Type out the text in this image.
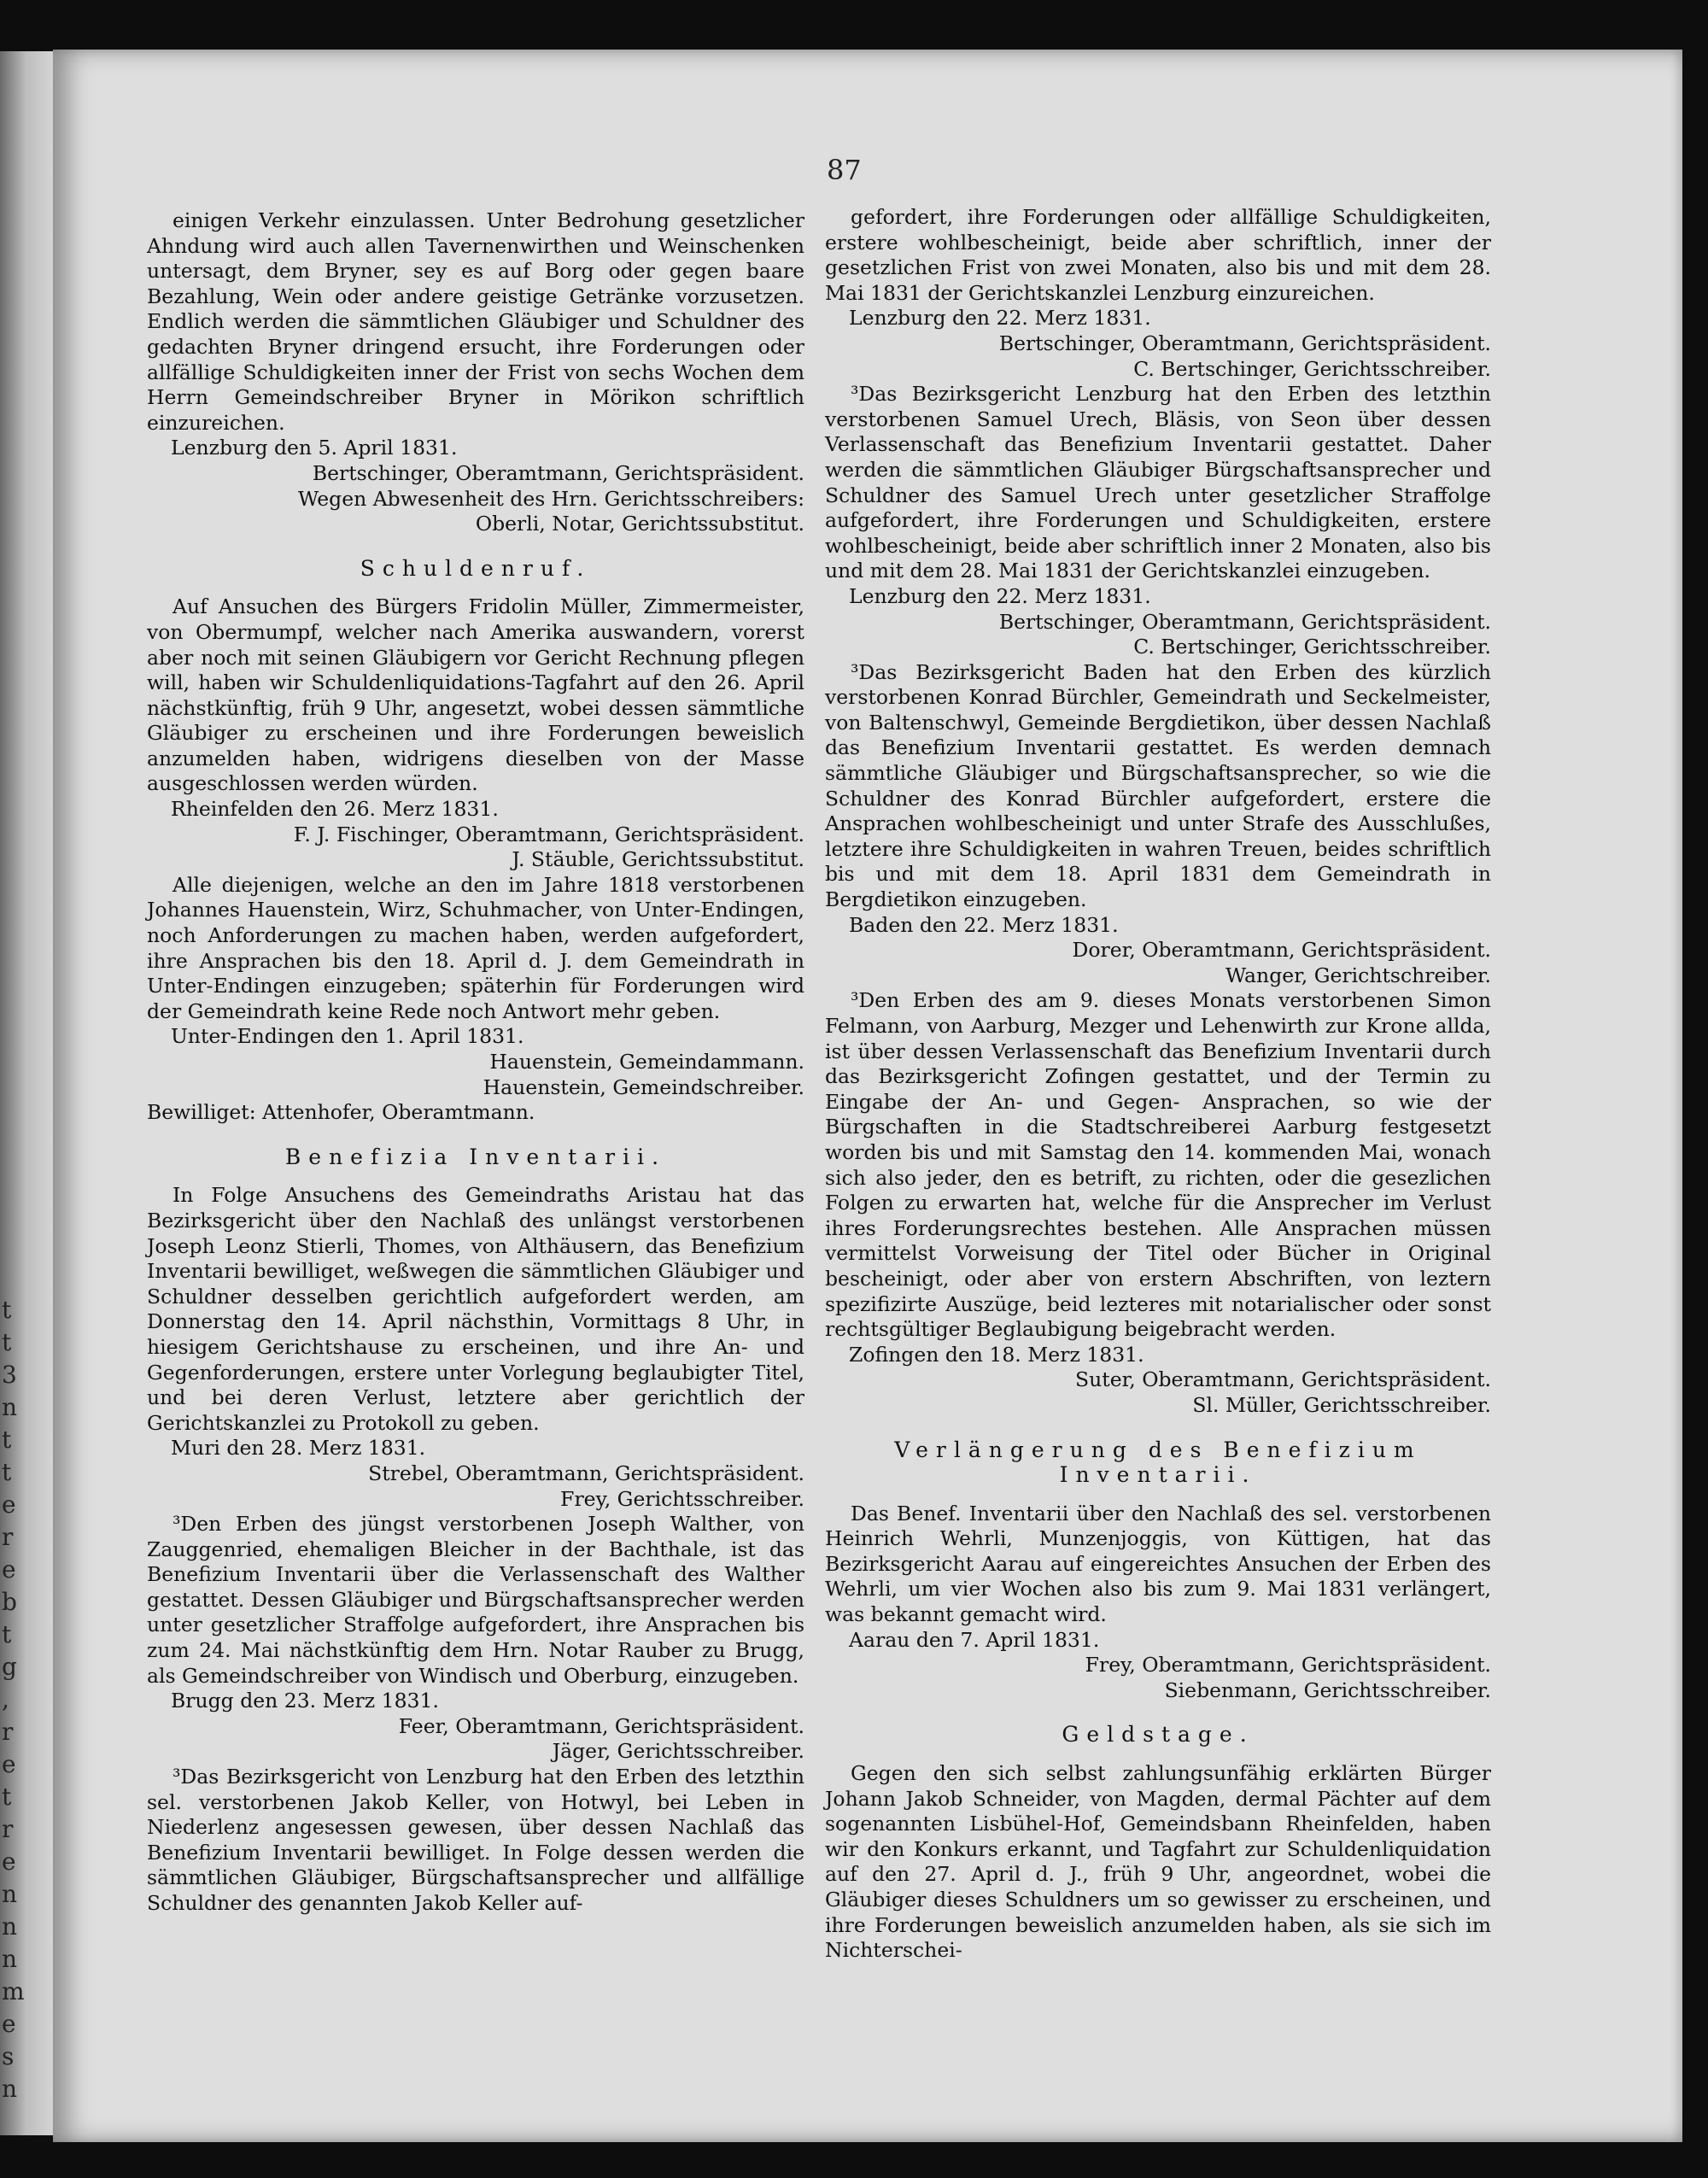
t
t
3
n
t
t
e
r
e
b
t
g
,
r
e
t
r
e
n
n
n
m
e
s
n
87

einigen Verkehr einzulassen. Unter Bedrohung gesetzlicher Ahndung wird auch allen Tavernenwirthen und Weinschenken untersagt, dem Bryner, sey es auf Borg oder gegen baare Bezahlung, Wein oder andere geistige Getränke vorzusetzen. Endlich werden die sämmtlichen Gläubiger und Schuldner des gedachten Bryner dringend ersucht, ihre Forderungen oder allfällige Schuldigkeiten inner der Frist von sechs Wochen dem Herrn Gemeindschreiber Bryner in Mörikon schriftlich einzureichen.

Lenzburg den 5. April 1831.
Bertschinger, Oberamtmann, Gerichtspräsident.
Wegen Abwesenheit des Hrn. Gerichtsschreibers:
Oberli, Notar, Gerichtssubstitut.
Schuldenruf.

Auf Ansuchen des Bürgers Fridolin Müller, Zimmermeister, von Obermumpf, welcher nach Amerika auswandern, vorerst aber noch mit seinen Gläubigern vor Gericht Rechnung pflegen will, haben wir Schuldenliquidations-Tagfahrt auf den 26. April nächstkünftig, früh 9 Uhr, angesetzt, wobei dessen sämmtliche Gläubiger zu erscheinen und ihre Forderungen beweislich anzumelden haben, widrigens dieselben von der Masse ausgeschlossen werden würden.

Rheinfelden den 26. Merz 1831.
F. J. Fischinger, Oberamtmann, Gerichtspräsident.
J. Stäuble, Gerichtssubstitut.

Alle diejenigen, welche an den im Jahre 1818 verstorbenen Johannes Hauenstein, Wirz, Schuhmacher, von Unter-Endingen, noch Anforderungen zu machen haben, werden aufgefordert, ihre Ansprachen bis den 18. April d. J. dem Gemeindrath in Unter-Endingen einzugeben; späterhin für Forderungen wird der Gemeindrath keine Rede noch Antwort mehr geben.

Unter-Endingen den 1. April 1831.
Hauenstein, Gemeindammann.
Hauenstein, Gemeindschreiber.
Bewilliget: Attenhofer, Oberamtmann.
Benefizia Inventarii.

In Folge Ansuchens des Gemeindraths Aristau hat das Bezirksgericht über den Nachlaß des unlängst verstorbenen Joseph Leonz Stierli, Thomes, von Althäusern, das Benefizium Inventarii bewilliget, weßwegen die sämmtlichen Gläubiger und Schuldner desselben gerichtlich aufgefordert werden, am Donnerstag den 14. April nächsthin, Vormittags 8 Uhr, in hiesigem Gerichtshause zu erscheinen, und ihre An- und Gegenforderungen, erstere unter Vorlegung beglaubigter Titel, und bei deren Verlust, letztere aber gerichtlich der Gerichtskanzlei zu Protokoll zu geben.

Muri den 28. Merz 1831.
Strebel, Oberamtmann, Gerichtspräsident.
Frey, Gerichtsschreiber.

³Den Erben des jüngst verstorbenen Joseph Walther, von Zauggenried, ehemaligen Bleicher in der Bachthale, ist das Benefizium Inventarii über die Verlassenschaft des Walther gestattet. Dessen Gläubiger und Bürgschaftsansprecher werden unter gesetzlicher Straffolge aufgefordert, ihre Ansprachen bis zum 24. Mai nächstkünftig dem Hrn. Notar Rauber zu Brugg, als Gemeindschreiber von Windisch und Oberburg, einzugeben.

Brugg den 23. Merz 1831.
Feer, Oberamtmann, Gerichtspräsident.
Jäger, Gerichtsschreiber.

³Das Bezirksgericht von Lenzburg hat den Erben des letzthin sel. verstorbenen Jakob Keller, von Hotwyl, bei Leben in Niederlenz angesessen gewesen, über dessen Nachlaß das Benefizium Inventarii bewilliget. In Folge dessen werden die sämmtlichen Gläubiger, Bürgschaftsansprecher und allfällige Schuldner des genannten Jakob Keller auf-

gefordert, ihre Forderungen oder allfällige Schuldigkeiten, erstere wohlbescheinigt, beide aber schriftlich, inner der gesetzlichen Frist von zwei Monaten, also bis und mit dem 28. Mai 1831 der Gerichtskanzlei Lenzburg einzureichen.

Lenzburg den 22. Merz 1831.
Bertschinger, Oberamtmann, Gerichtspräsident.
C. Bertschinger, Gerichtsschreiber.

³Das Bezirksgericht Lenzburg hat den Erben des letzthin verstorbenen Samuel Urech, Bläsis, von Seon über dessen Verlassenschaft das Benefizium Inventarii gestattet. Daher werden die sämmtlichen Gläubiger Bürgschaftsansprecher und Schuldner des Samuel Urech unter gesetzlicher Straffolge aufgefordert, ihre Forderungen und Schuldigkeiten, erstere wohlbescheinigt, beide aber schriftlich inner 2 Monaten, also bis und mit dem 28. Mai 1831 der Gerichtskanzlei einzugeben.

Lenzburg den 22. Merz 1831.
Bertschinger, Oberamtmann, Gerichtspräsident.
C. Bertschinger, Gerichtsschreiber.

³Das Bezirksgericht Baden hat den Erben des kürzlich verstorbenen Konrad Bürchler, Gemeindrath und Seckelmeister, von Baltenschwyl, Gemeinde Bergdietikon, über dessen Nachlaß das Benefizium Inventarii gestattet. Es werden demnach sämmtliche Gläubiger und Bürgschaftsansprecher, so wie die Schuldner des Konrad Bürchler aufgefordert, erstere die Ansprachen wohlbescheinigt und unter Strafe des Ausschlußes, letztere ihre Schuldigkeiten in wahren Treuen, beides schriftlich bis und mit dem 18. April 1831 dem Gemeindrath in Bergdietikon einzugeben.

Baden den 22. Merz 1831.
Dorer, Oberamtmann, Gerichtspräsident.
Wanger, Gerichtschreiber.

³Den Erben des am 9. dieses Monats verstorbenen Simon Felmann, von Aarburg, Mezger und Lehenwirth zur Krone allda, ist über dessen Verlassenschaft das Benefizium Inventarii durch das Bezirksgericht Zofingen gestattet, und der Termin zu Eingabe der An- und Gegen- Ansprachen, so wie der Bürgschaften in die Stadtschreiberei Aarburg festgesetzt worden bis und mit Samstag den 14. kommenden Mai, wonach sich also jeder, den es betrift, zu richten, oder die gesezlichen Folgen zu erwarten hat, welche für die Ansprecher im Verlust ihres Forderungsrechtes bestehen. Alle Ansprachen müssen vermittelst Vorweisung der Titel oder Bücher in Original bescheinigt, oder aber von erstern Abschriften, von leztern spezifizirte Auszüge, beid lezteres mit notarialischer oder sonst rechtsgültiger Beglaubigung beigebracht werden.

Zofingen den 18. Merz 1831.
Suter, Oberamtmann, Gerichtspräsident.
Sl. Müller, Gerichtsschreiber.
Verlängerung des Benefizium Inventarii.

Das Benef. Inventarii über den Nachlaß des sel. verstorbenen Heinrich Wehrli, Munzenjoggis, von Küttigen, hat das Bezirksgericht Aarau auf eingereichtes Ansuchen der Erben des Wehrli, um vier Wochen also bis zum 9. Mai 1831 verlängert, was bekannt gemacht wird.

Aarau den 7. April 1831.
Frey, Oberamtmann, Gerichtspräsident.
Siebenmann, Gerichtsschreiber.
Geldstage.

Gegen den sich selbst zahlungsunfähig erklärten Bürger Johann Jakob Schneider, von Magden, dermal Pächter auf dem sogenannten Lisbühel-Hof, Gemeindsbann Rheinfelden, haben wir den Konkurs erkannt, und Tagfahrt zur Schuldenliquidation auf den 27. April d. J., früh 9 Uhr, angeordnet, wobei die Gläubiger dieses Schuldners um so gewisser zu erscheinen, und ihre Forderungen beweislich anzumelden haben, als sie sich im Nichterschei-
